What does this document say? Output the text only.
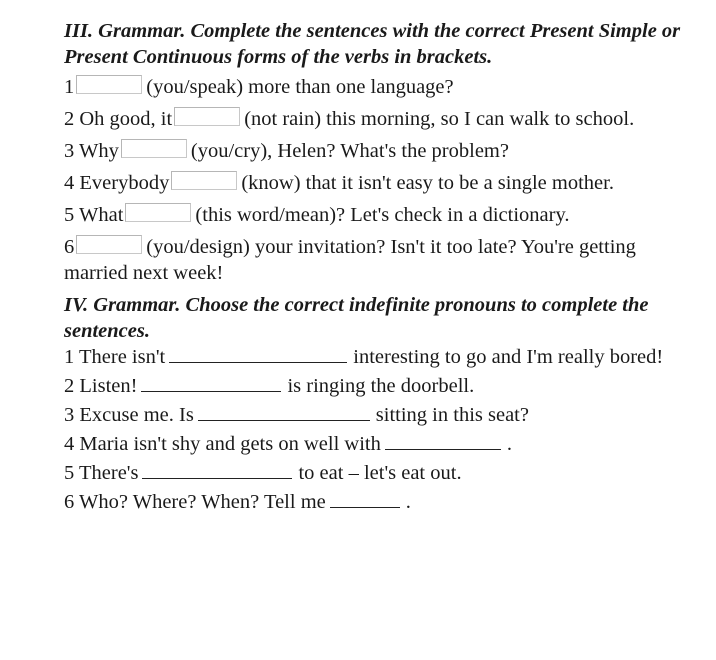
III. Grammar. Complete the sentences with the correct Present Simple or Present Continuous forms of the verbs in brackets.
1	(you/speak) more than one language?
2 Oh good, it	(not rain) this morning, so I can walk to school.
3 Why	(you/cry), Helen? What's the problem?
4 Everybody	(know) that it isn't easy to be a single mother.
5 What	(this word/mean)? Let's check in a dictionary.
6	(you/design) your invitation? Isn't it too late? You're getting married next week!
IV. Grammar. Choose the correct indefinite pronouns to complete the sentences.
1 There isn't	interesting to go and I'm really bored!
2 Listen!	is ringing the doorbell.
3 Excuse me. Is	sitting in this seat?
4 Maria isn't shy and gets on well with	.
5 There's	to eat – let's eat out.
6 Who? Where? When? Tell me	.
